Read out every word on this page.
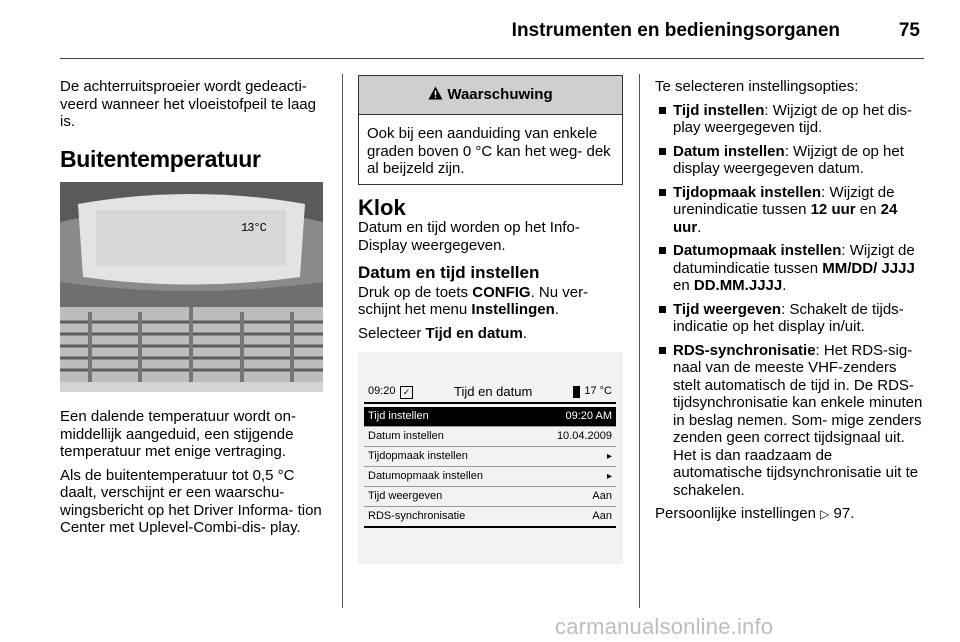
Instrumenten en bedieningsorganen	75

De achterruitsproeier wordt gedeacti- veerd wanneer het vloeistofpeil te laag is.

Buitentemperatuur
13°C

Een dalende temperatuur wordt on- middellijk aangeduid, een stijgende temperatuur met enige vertraging.

Als de buitentemperatuur tot 0,5 °C daalt, verschijnt er een waarschu- wingsbericht op het Driver Informa- tion Center met Uplevel-Combi-dis- play.

Waarschuwing
Ook bij een aanduiding van enkele graden boven 0 °C kan het weg- dek al beijzeld zijn.
Klok

Datum en tijd worden op het Info-Display weergegeven.

Datum en tijd instellen

Druk op de toets CONFIG. Nu ver- schijnt het menu Instellingen.

Selecteer Tijd en datum.

09:20 ✓	Tijd en datum	17 °C
Tijd instellen	09:20 AM
Datum instellen	10.04.2009
Tijdopmaak instellen	▸
Datumopmaak instellen	▸
Tijd weergeven	Aan
RDS-synchronisatie	Aan

Te selecteren instellingsopties:

Tijd instellen: Wijzigt de op het dis- play weergegeven tijd.
Datum instellen: Wijzigt de op het display weergegeven datum.
Tijdopmaak instellen: Wijzigt de urenindicatie tussen 12 uur en 24 uur.
Datumopmaak instellen: Wijzigt de datumindicatie tussen MM/DD/ JJJJ en DD.MM.JJJJ.
Tijd weergeven: Schakelt de tijds- indicatie op het display in/uit.
RDS-synchronisatie: Het RDS-sig- naal van de meeste VHF-zenders stelt automatisch de tijd in. De RDS-tijdsynchronisatie kan enkele minuten in beslag nemen. Som- mige zenders zenden geen correct tijdsignaal uit. Het is dan raadzaam de automatische tijdsynchronisatie uit te schakelen.

Persoonlijke instellingen ▷ 97.

carmanualsonline.info
